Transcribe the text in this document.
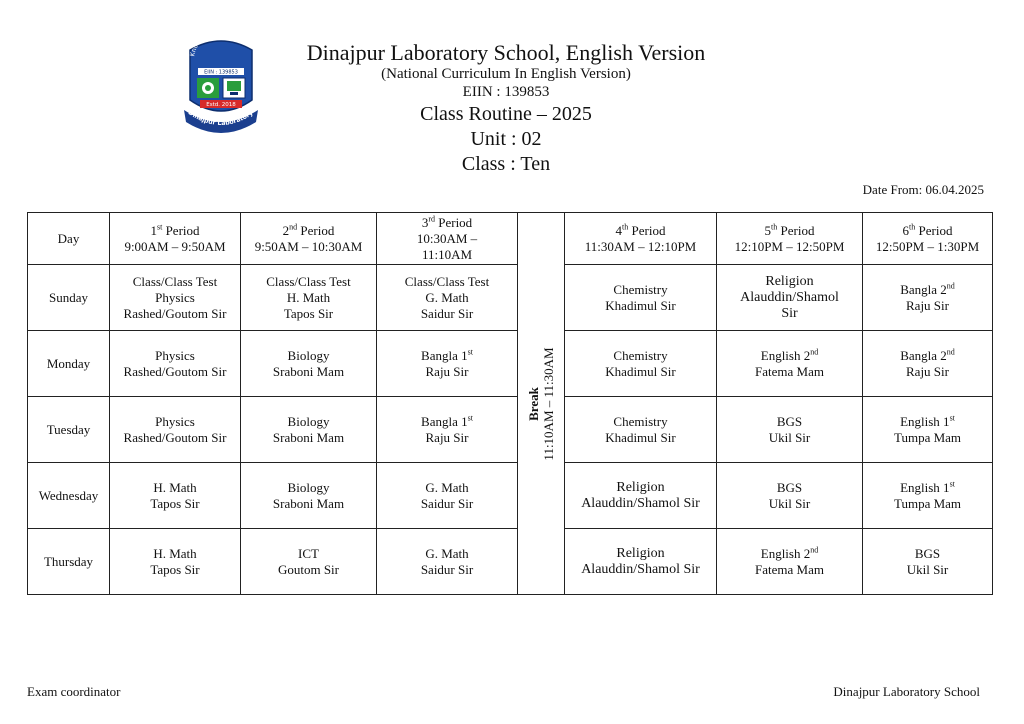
Knowledge is power
EIIN : 139853
Estd. 2018
Dinajpur Laboratory
Dinajpur Laboratory School, English Version
(National Curriculum In English Version)
EIIN : 139853
Class Routine – 2025
Unit : 02
Class : Ten
Date From: 06.04.2025
Day	1st Period
9:00AM – 9:50AM	2nd Period
9:50AM – 10:30AM	3rd Period
10:30AM –
11:10AM	Break 11:10AM – 11:30AM	4th Period
11:30AM – 12:10PM	5th Period
12:10PM – 12:50PM	6th Period
12:50PM – 1:30PM

Sunday	Class/Class Test
Physics
Rashed/Goutom Sir	Class/Class Test
H. Math
Tapos Sir	Class/Class Test
G. Math
Saidur Sir		Chemistry
Khadimul Sir	Religion
Alauddin/Shamol
Sir	Bangla 2nd
Raju Sir

Monday	Physics
Rashed/Goutom Sir	Biology
Sraboni Mam	Bangla 1st
Raju Sir		Chemistry
Khadimul Sir	English 2nd
Fatema Mam	Bangla 2nd
Raju Sir

Tuesday	Physics
Rashed/Goutom Sir	Biology
Sraboni Mam	Bangla 1st
Raju Sir		Chemistry
Khadimul Sir	BGS
Ukil Sir	English 1st
Tumpa Mam

Wednesday	H. Math
Tapos Sir	Biology
Sraboni Mam	G. Math
Saidur Sir		Religion
Alauddin/Shamol Sir	BGS
Ukil Sir	English 1st
Tumpa Mam

Thursday	H. Math
Tapos Sir	ICT
Goutom Sir	G. Math
Saidur Sir		Religion
Alauddin/Shamol Sir	English 2nd
Fatema Mam	BGS
Ukil Sir
Exam coordinator	Dinajpur Laboratory School
